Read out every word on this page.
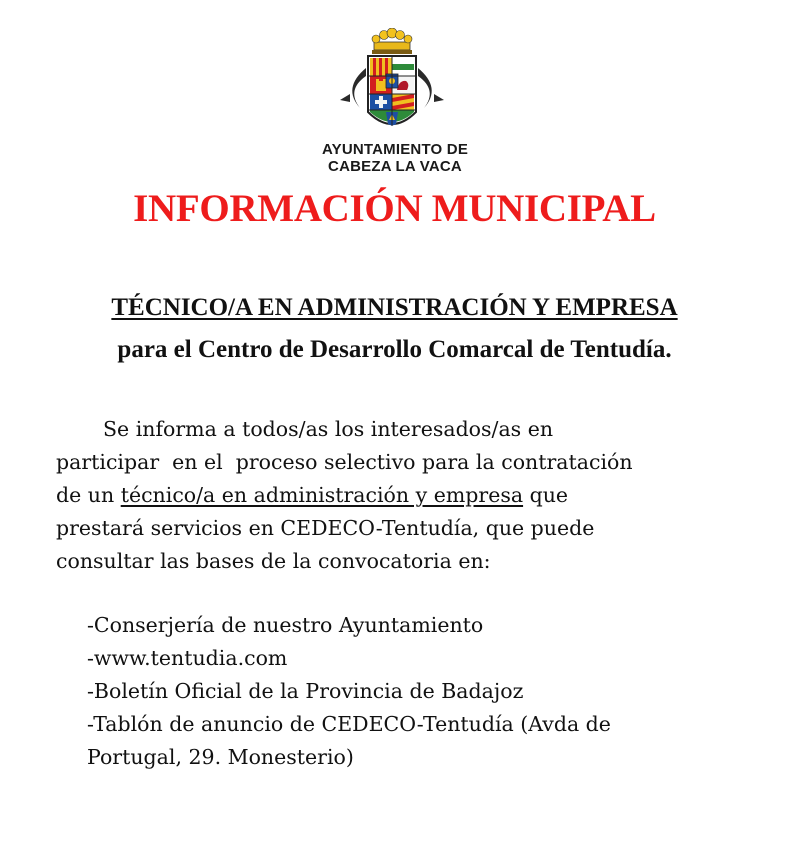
AYUNTAMIENTO DE
CABEZA LA VACA
INFORMACIÓN MUNICIPAL
TÉCNICO/A EN ADMINISTRACIÓN Y EMPRESA
para el Centro de Desarrollo Comarcal de Tentudía.
Se informa a todos/as los interesados/as en
participar  en el  proceso selectivo para la contratación
de un técnico/a en administración y empresa que
prestará servicios en CEDECO-Tentudía, que puede
consultar las bases de la convocatoria en:
-Conserjería de nuestro Ayuntamiento
-www.tentudia.com
-Boletín Oficial de la Provincia de Badajoz
-Tablón de anuncio de CEDECO-Tentudía (Avda de
Portugal, 29. Monesterio)
